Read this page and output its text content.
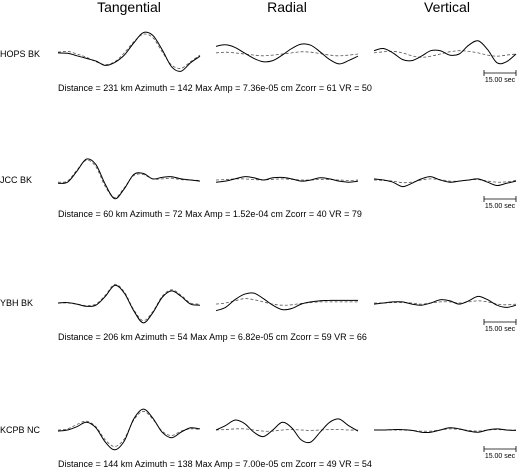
Tangential	Radial	Vertical
HOPS BK
Distance = 231 km Azimuth = 142 Max Amp = 7.36e-05 cm Zcorr = 61 VR = 50
15.00 sec
JCC BK
Distance = 60 km Azimuth = 72 Max Amp = 1.52e-04 cm Zcorr = 40 VR = 79
15.00 sec
YBH BK
Distance = 206 km Azimuth = 54 Max Amp = 6.82e-05 cm Zcorr = 59 VR = 66
15.00 sec
KCPB NC
Distance = 144 km Azimuth = 138 Max Amp = 7.00e-05 cm Zcorr = 49 VR = 54
15.00 sec
